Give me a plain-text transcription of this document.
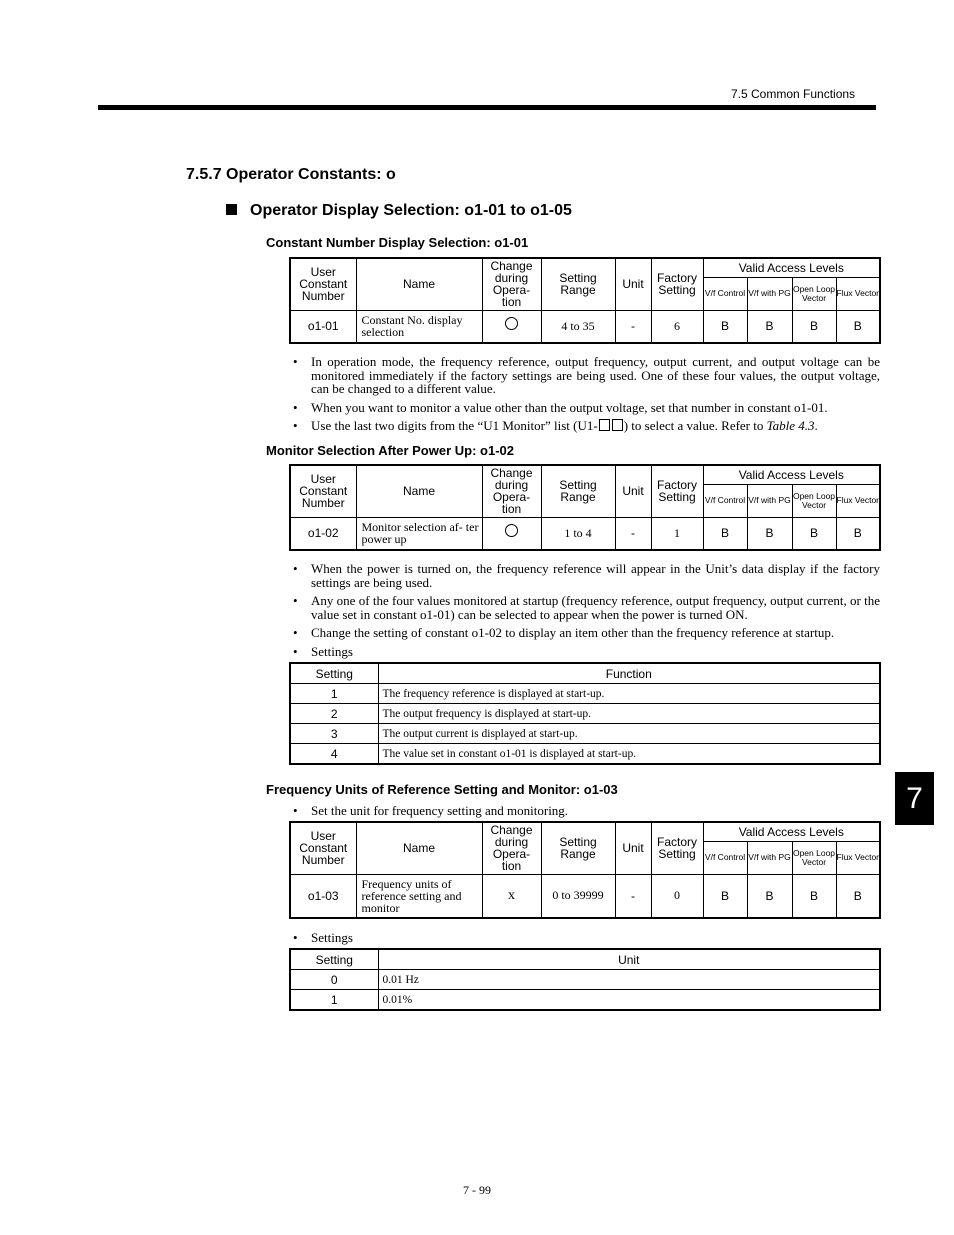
7.5 Common Functions
7.5.7 Operator Constants: o
Operator Display Selection: o1-01 to o1-05
Constant Number Display Selection: o1-01
User Constant Number	Name	Change during Opera- tion	Setting Range	Unit	Factory Setting	Valid Access Levels			
						V/f Control	V/f with PG	Open Loop Vector	Flux Vector
o1-01	Constant No. display selection		4 to 35	-	6	B	B	B	B
• In operation mode, the frequency reference, output frequency, output current, and output voltage can be monitored immediately if the factory settings are being used. One of these four values, the output voltage, can be changed to a different value.
• When you want to monitor a value other than the output voltage, set that number in constant o1-01.
• Use the last two digits from the “U1 Monitor” list (U1- ) to select a value. Refer to Table 4.3.
Monitor Selection After Power Up: o1-02
User Constant Number	Name	Change during Opera- tion	Setting Range	Unit	Factory Setting	Valid Access Levels			
						V/f Control	V/f with PG	Open Loop Vector	Flux Vector
o1-02	Monitor selection af- ter power up		1 to 4	-	1	B	B	B	B
• When the power is turned on, the frequency reference will appear in the Unit’s data display if the factory settings are being used.
• Any one of the four values monitored at startup (frequency reference, output frequency, output current, or the value set in constant o1-01) can be selected to appear when the power is turned ON.
• Change the setting of constant o1-02 to display an item other than the frequency reference at startup.
• Settings
Setting	Function
1	The frequency reference is displayed at start-up.
2	The output frequency is displayed at start-up.
3	The output current is displayed at start-up.
4	The value set in constant o1-01 is displayed at start-up.
Frequency Units of Reference Setting and Monitor: o1-03
• Set the unit for frequency setting and monitoring.
User Constant Number	Name	Change during Opera- tion	Setting Range	Unit	Factory Setting	Valid Access Levels			
						V/f Control	V/f with PG	Open Loop Vector	Flux Vector
o1-03	Frequency units of reference setting and monitor	x	0 to 39999	-	0	B	B	B	B
• Settings
Setting	Unit
0	0.01 Hz
1	0.01%
7
7 - 99
